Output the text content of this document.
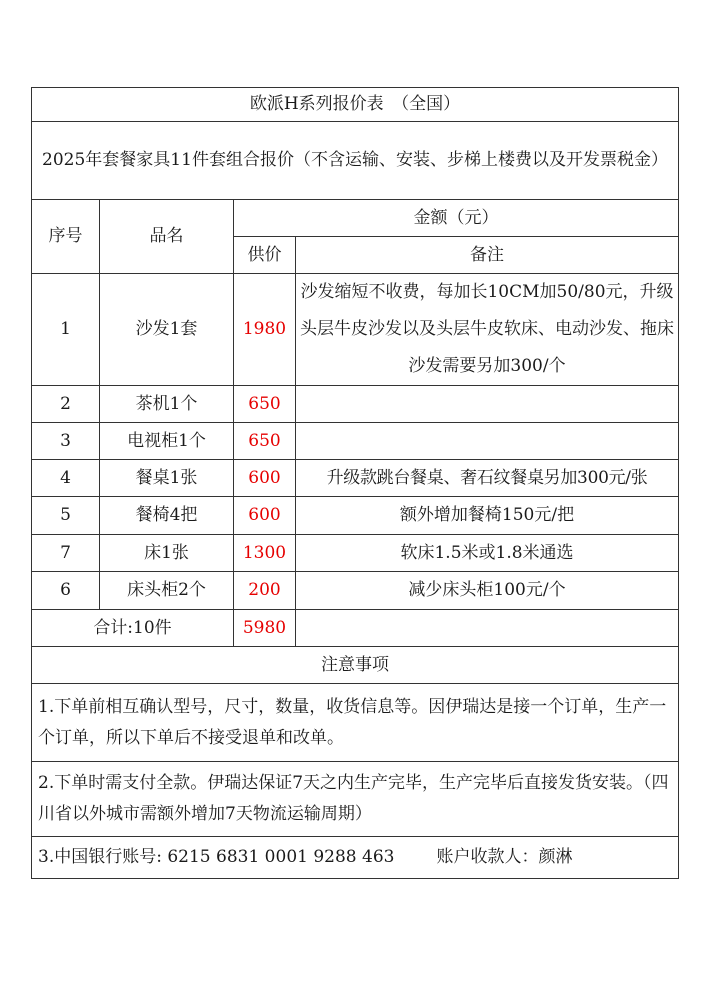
欧派H系列报价表　（全国）			
2025年套餐家具11件套组合报价（不含运输、安装、步梯上楼费以及开发票税金）			
序号	品名	金额（元）	
		供价	备注
1	沙发1套	1980	沙发缩短不收费，每加长10CM加50/80元，升级头层牛皮沙发以及头层牛皮软床、电动沙发、拖床沙发需要另加300/个
2	茶机1个	650	
3	电视柜1个	650	
4	餐桌1张	600	升级款跳台餐桌、奢石纹餐桌另加300元/张
5	餐椅4把	600	额外增加餐椅150元/把
7	床1张	1300	软床1.5米或1.8米通选
6	床头柜2个	200	减少床头柜100元/个
合计:10件		5980	
注意事项			
1.下单前相互确认型号，尺寸，数量，收货信息等。因伊瑞达是接一个订单，生产一个订单，所以下单后不接受退单和改单。			
2.下单时需支付全款。伊瑞达保证7天之内生产完毕，生产完毕后直接发货安装。（四川省以外城市需额外增加7天物流运输周期）			
3.中国银行账号: 6215 6831 0001 9288 463 账户收款人：颜淋			
